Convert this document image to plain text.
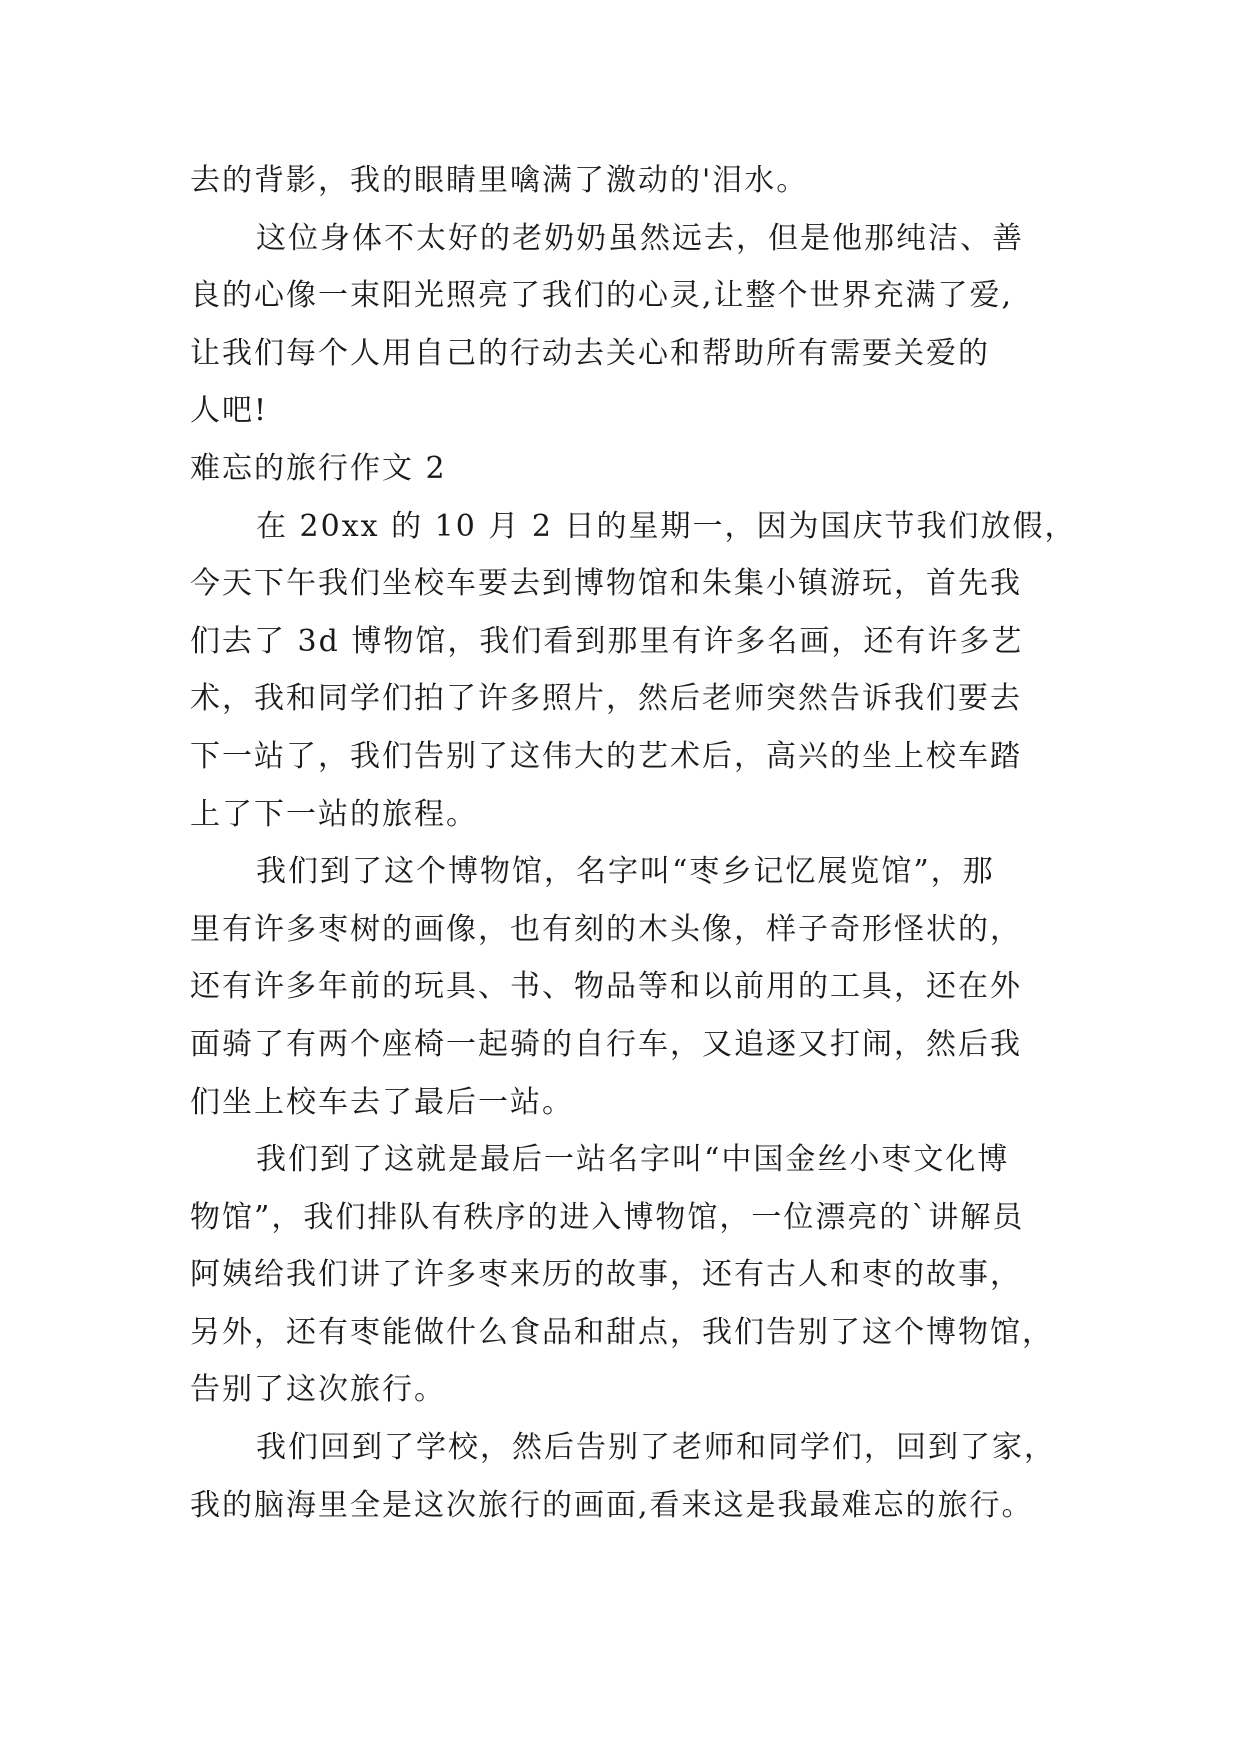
去的背影，我的眼睛里噙满了激动的'泪水。
这位身体不太好的老奶奶虽然远去，但是他那纯洁、善
良的心像一束阳光照亮了我们的心灵,让整个世界充满了爱,
让我们每个人用自己的行动去关心和帮助所有需要关爱的
人吧!
难忘的旅行作文 2
在 20xx 的 10 月 2 日的星期一，因为国庆节我们放假，
今天下午我们坐校车要去到博物馆和朱集小镇游玩，首先我
们去了 3d 博物馆，我们看到那里有许多名画，还有许多艺
术，我和同学们拍了许多照片，然后老师突然告诉我们要去
下一站了，我们告别了这伟大的艺术后，高兴的坐上校车踏
上了下一站的旅程。
我们到了这个博物馆，名字叫“枣乡记忆展览馆”，那
里有许多枣树的画像，也有刻的木头像，样子奇形怪状的，
还有许多年前的玩具、书、物品等和以前用的工具，还在外
面骑了有两个座椅一起骑的自行车，又追逐又打闹，然后我
们坐上校车去了最后一站。
我们到了这就是最后一站名字叫“中国金丝小枣文化博
物馆”，我们排队有秩序的进入博物馆，一位漂亮的`讲解员
阿姨给我们讲了许多枣来历的故事，还有古人和枣的故事，
另外，还有枣能做什么食品和甜点，我们告别了这个博物馆，
告别了这次旅行。
我们回到了学校，然后告别了老师和同学们，回到了家，
我的脑海里全是这次旅行的画面,看来这是我最难忘的旅行。
